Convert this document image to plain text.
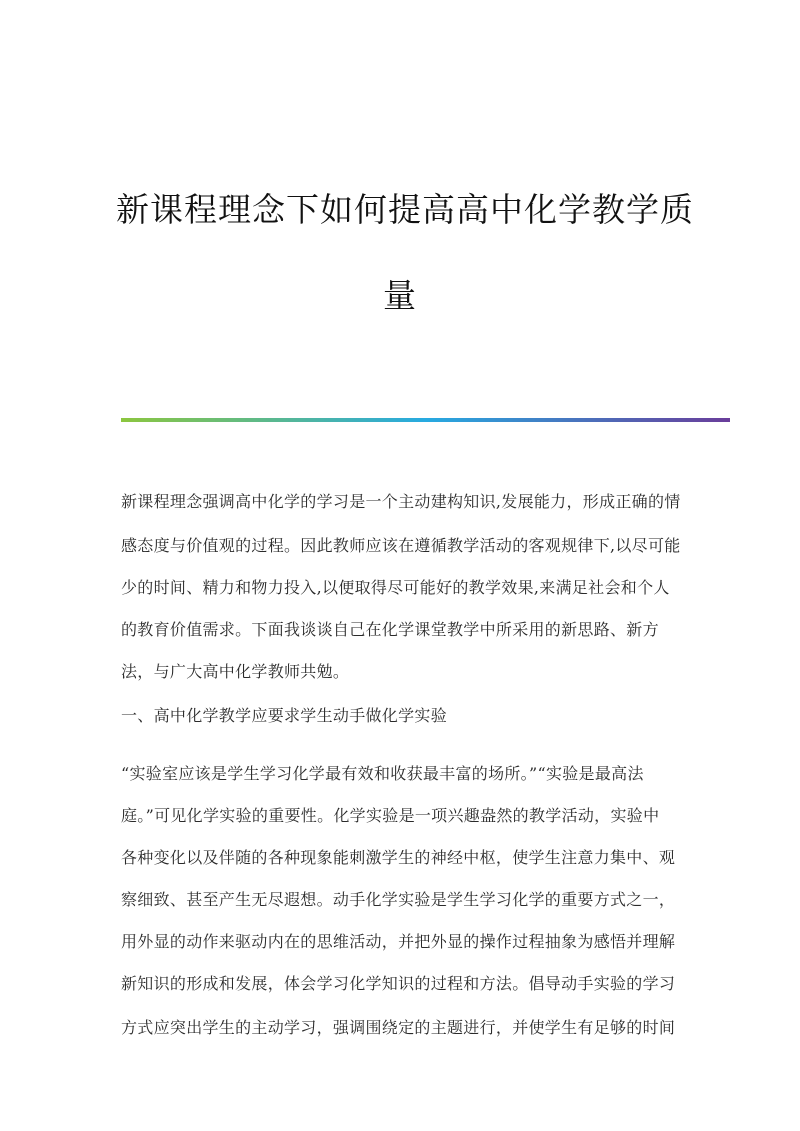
新课程理念下如何提高高中化学教学质
量
新课程理念强调高中化学的学习是一个主动建构知识,发展能力，形成正确的情
感态度与价值观的过程。因此教师应该在遵循教学活动的客观规律下,以尽可能
少的时间、精力和物力投入,以便取得尽可能好的教学效果,来满足社会和个人
的教育价值需求。下面我谈谈自己在化学课堂教学中所采用的新思路、新方
法，与广大高中化学教师共勉。
一、高中化学教学应要求学生动手做化学实验
“实验室应该是学生学习化学最有效和收获最丰富的场所。”“实验是最高法
庭。”可见化学实验的重要性。化学实验是一项兴趣盎然的教学活动，实验中
各种变化以及伴随的各种现象能刺激学生的神经中枢，使学生注意力集中、观
察细致、甚至产生无尽遐想。动手化学实验是学生学习化学的重要方式之一，
用外显的动作来驱动内在的思维活动，并把外显的操作过程抽象为感悟并理解
新知识的形成和发展，体会学习化学知识的过程和方法。倡导动手实验的学习
方式应突出学生的主动学习，强调围绕定的主题进行，并使学生有足够的时间
